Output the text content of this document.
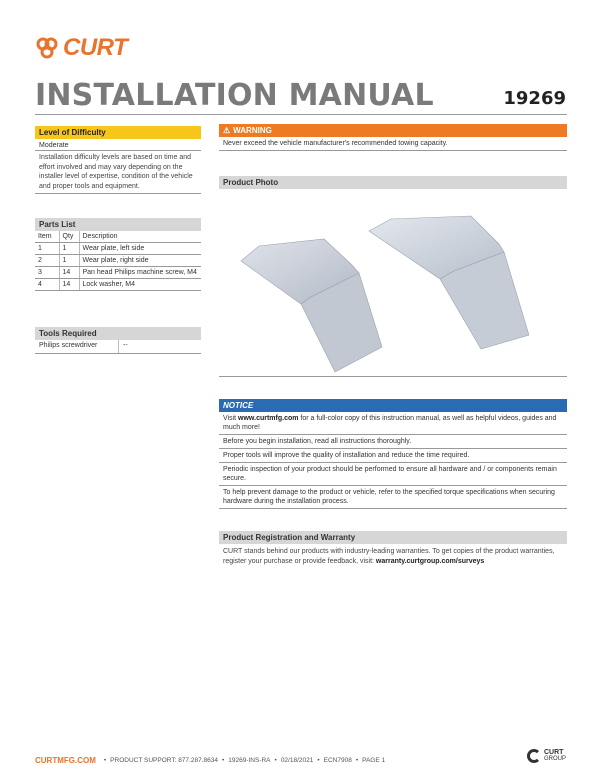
CURT
INSTALLATION MANUAL	19269
Level of Difficulty
Moderate
Installation difficulty levels are based on time and effort involved and may vary depending on the installer level of expertise, condition of the vehicle and proper tools and equipment.
Parts List
Item	Qty	Description
1	1	Wear plate, left side
2	1	Wear plate, right side
3	14	Pan head Philips machine screw, M4
4	14	Lock washer, M4
Tools Required
Philips screwdriver	--
⚠ WARNING
Never exceed the vehicle manufacturer's recommended towing capacity.
Product Photo
NOTICE
Visit www.curtmfg.com for a full-color copy of this instruction manual, as well as helpful videos, guides and much more!
Before you begin installation, read all instructions thoroughly.
Proper tools will improve the quality of installation and reduce the time required.
Periodic inspection of your product should be performed to ensure all hardware and / or components remain secure.
To help prevent damage to the product or vehicle, refer to the specified torque specifications when securing hardware during the installation process.
Product Registration and Warranty
CURT stands behind our products with industry-leading warranties. To get copies of the product warranties, register your purchase or provide feedback, visit: warranty.curtgroup.com/surveys
CURTMFG.COM • PRODUCT SUPPORT: 877.287.8634 • 19269-INS-RA • 02/18/2021 • ECN7908 • PAGE 1
CURT
GROUP
